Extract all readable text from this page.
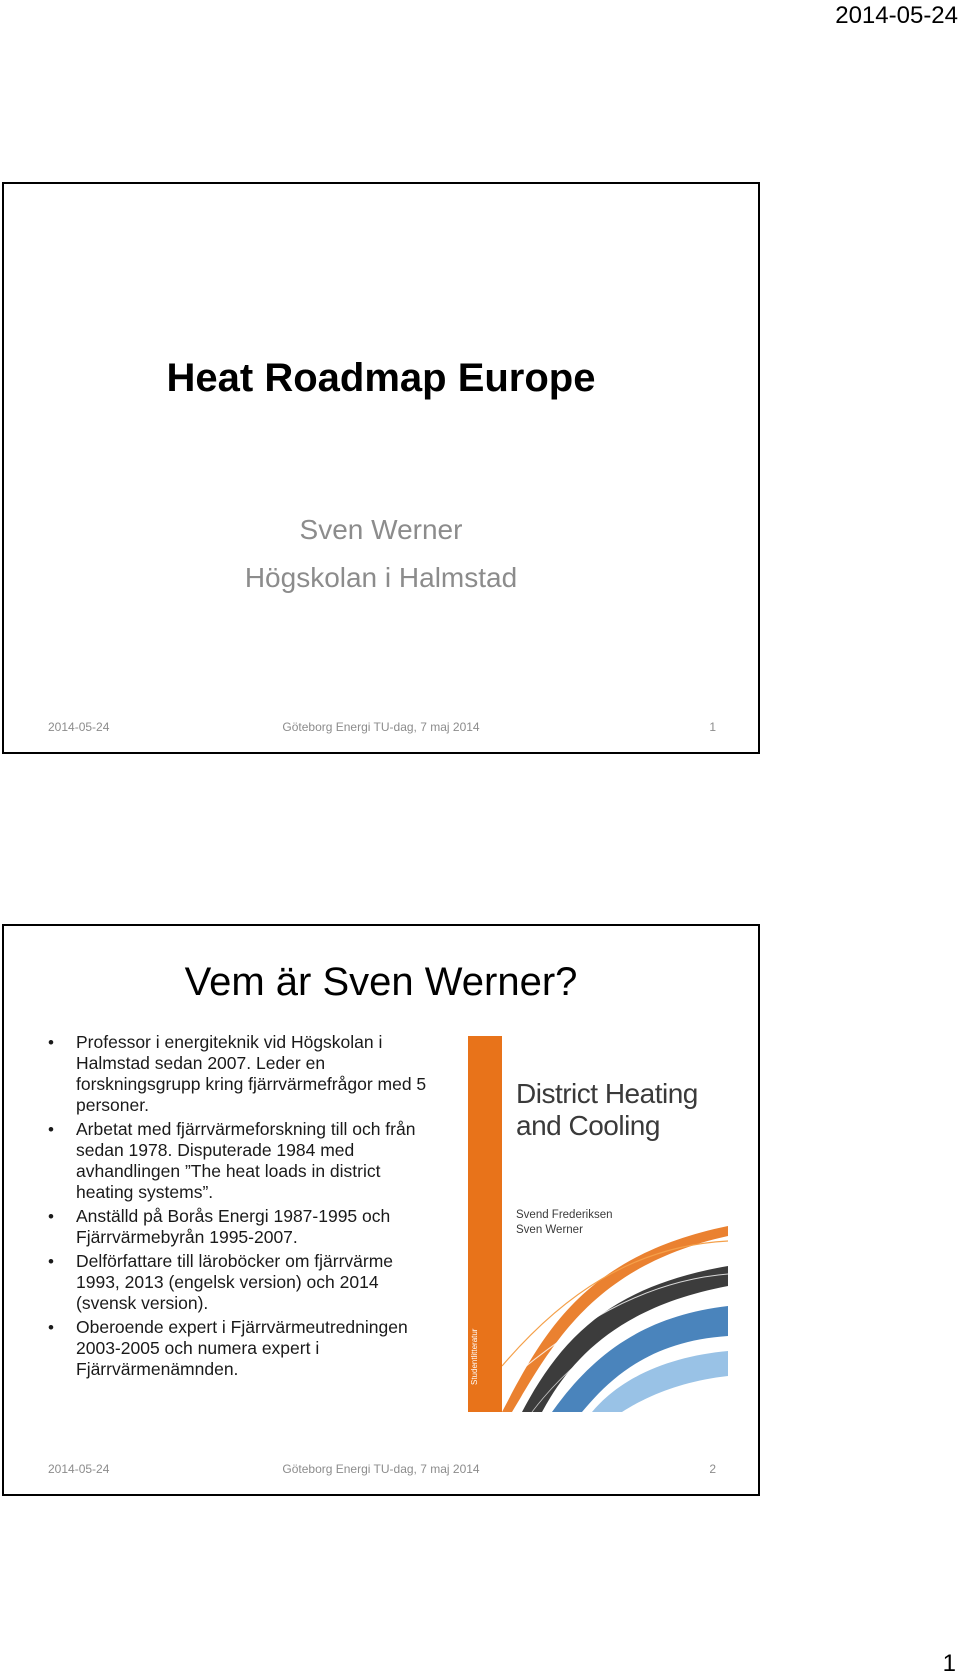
2014-05-24
Heat Roadmap Europe
Sven Werner
Högskolan i Halmstad
2014-05-24	Göteborg Energi TU-dag, 7 maj 2014	1
Vem är Sven Werner?
• Professor i energiteknik vid Högskolan i Halmstad sedan 2007. Leder en forskningsgrupp kring fjärrvärmefrågor med 5 personer.
• Arbetat med fjärrvärmeforskning till och från sedan 1978. Disputerade 1984 med avhandlingen ”The heat loads in district heating systems”.
• Anställd på Borås Energi 1987-1995 och Fjärrvärmebyrån 1995-2007.
• Delförfattare till läroböcker om fjärrvärme 1993, 2013 (engelsk version) och 2014 (svensk version).
• Oberoende expert i Fjärrvärmeutredningen 2003-2005 och numera expert i Fjärrvärmenämnden.	Studentlitteratur
District Heating
and Cooling
Svend Frederiksen
Sven Werner
2014-05-24	Göteborg Energi TU-dag, 7 maj 2014	2
1
